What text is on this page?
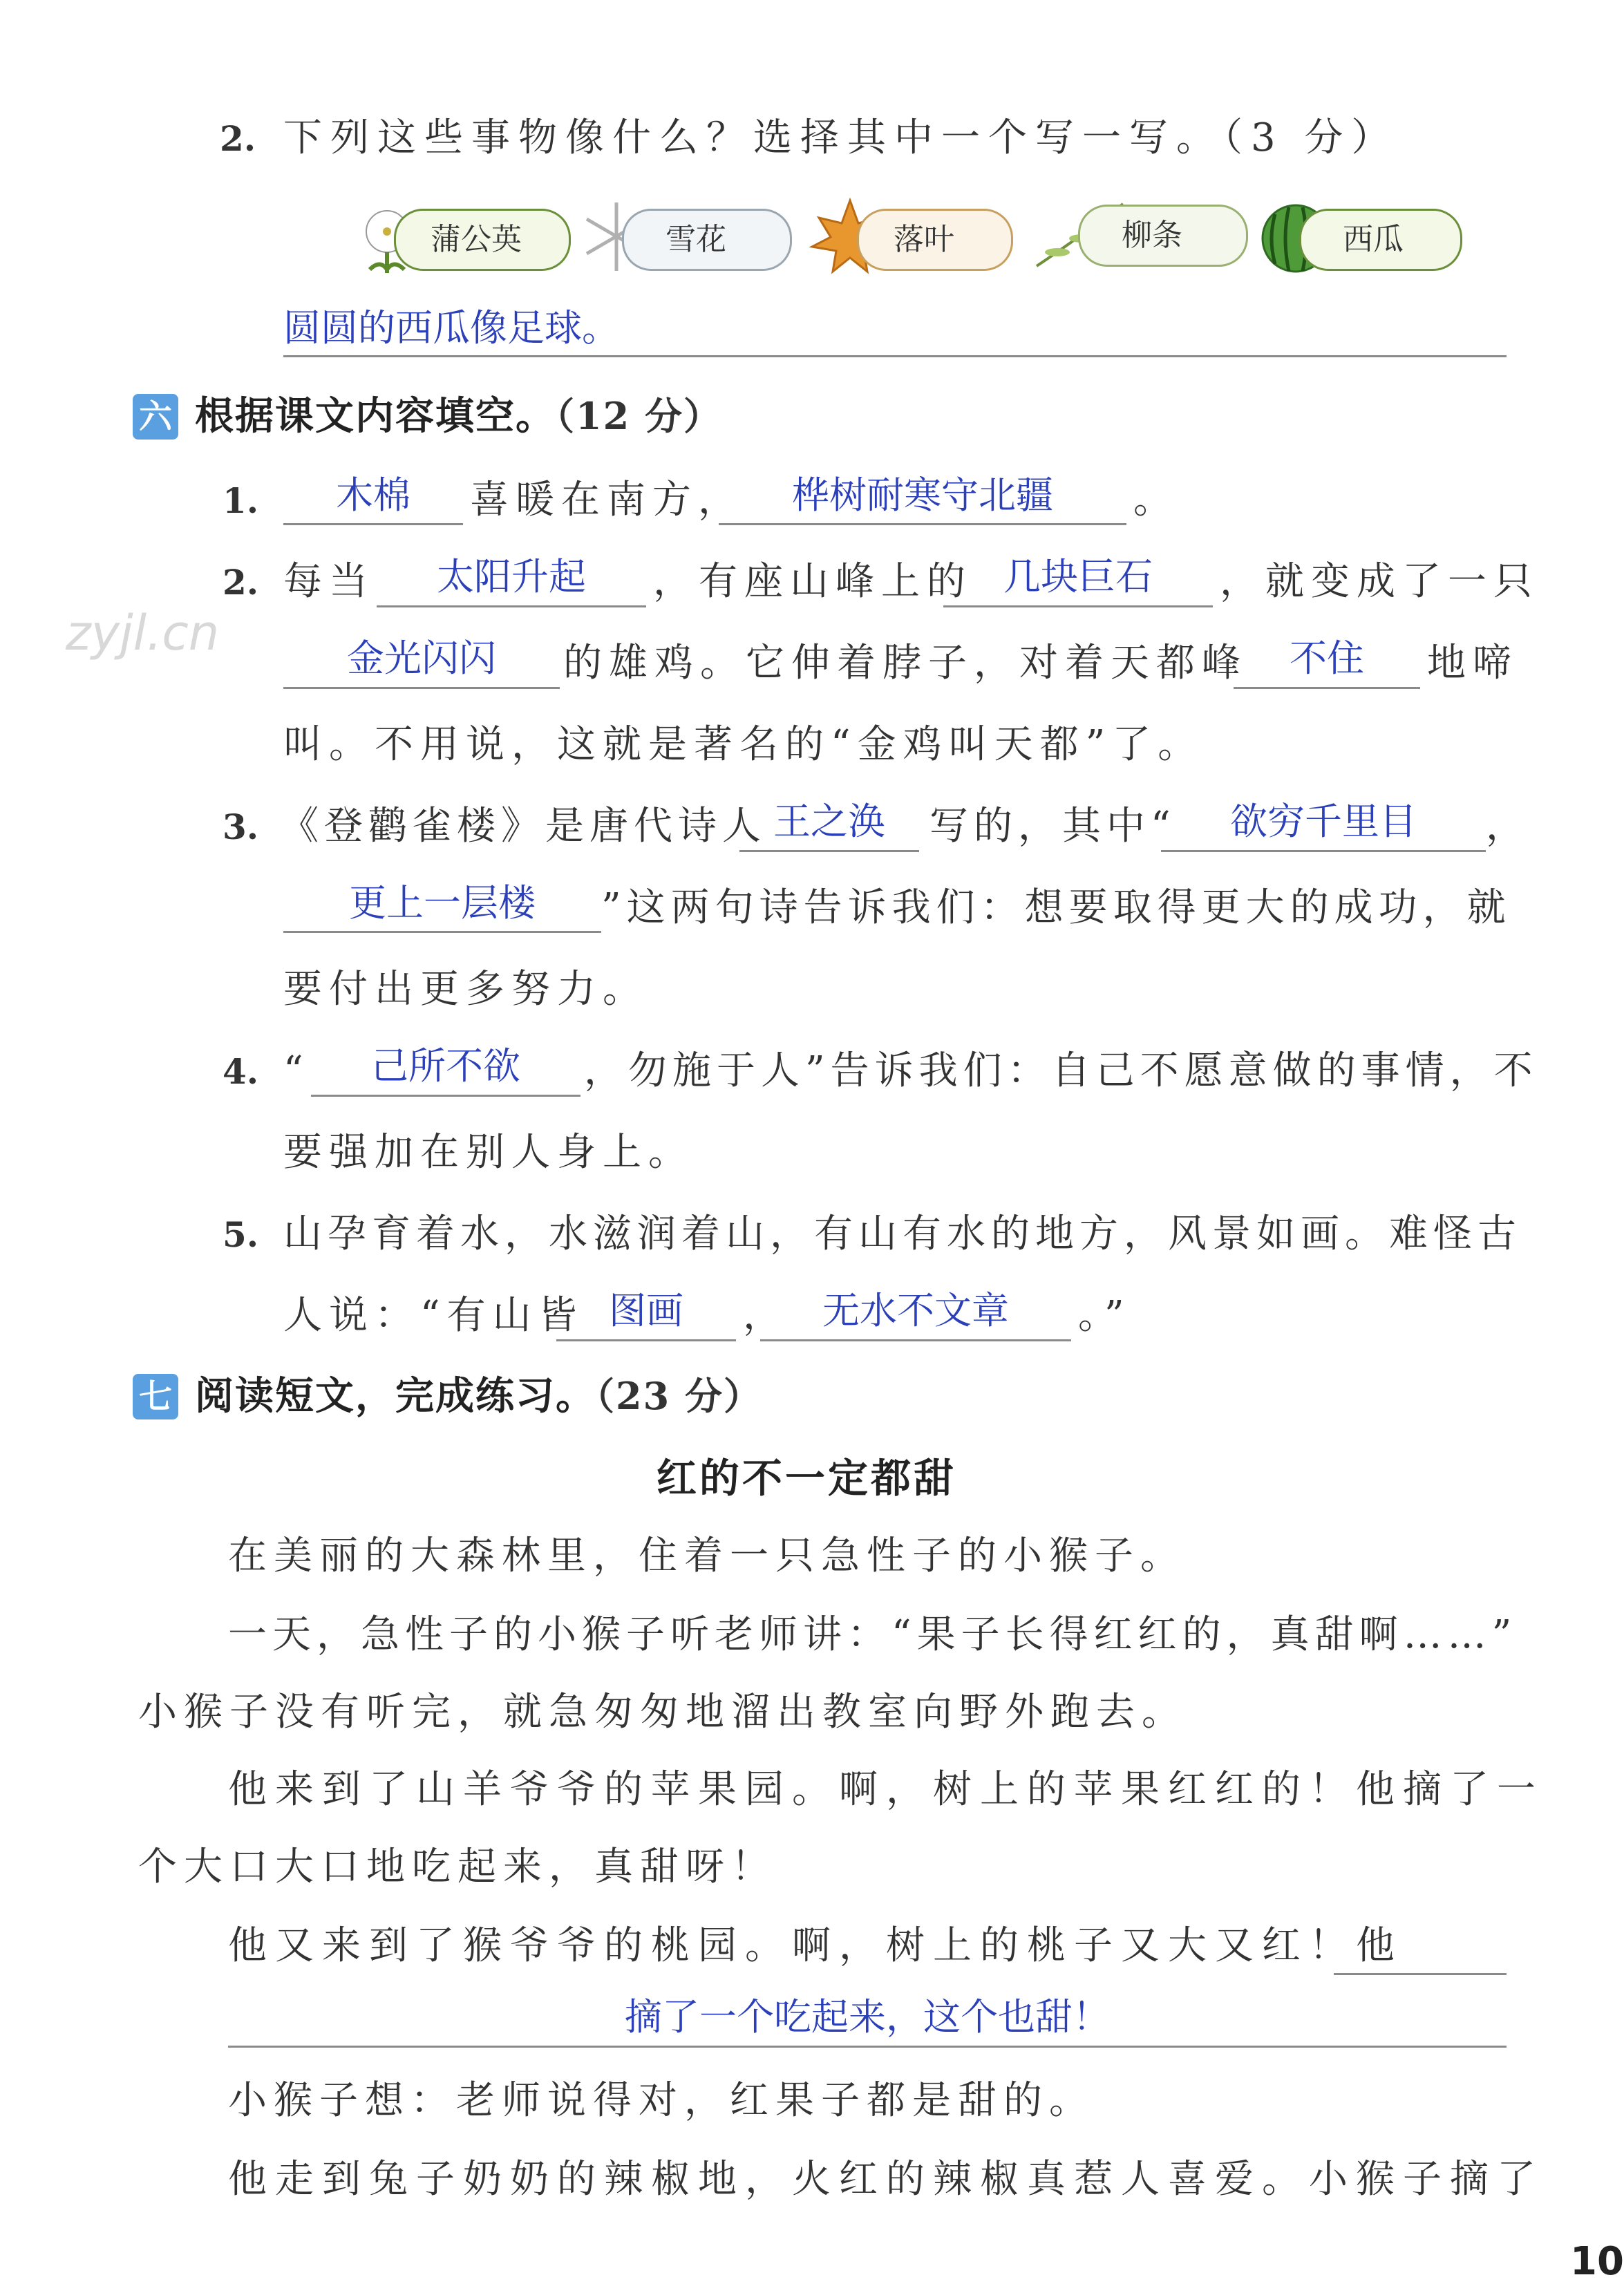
2. 下列这些事物像什么？选择其中一个写一写。（3 分）
蒲公英	雪花	落叶	柳条	西瓜
圆圆的西瓜像足球。
六 根据课文内容填空。（12 分）
1.	木棉	喜暖在南方，	桦树耐寒守北疆	。
2. 每当	太阳升起	，有座山峰上的 几块巨石	，就变成了一只
金光闪闪	的雄鸡。它伸着脖子，对着天都峰	不住	地啼
叫。不用说，这就是著名的“金鸡叫天都”了。
3. 《登鹳雀楼》是唐代诗人 王之涣	写的，其中“	欲穷千里目	，
更上一层楼	”这两句诗告诉我们：想要取得更大的成功，就
要付出更多努力。
4. “	己所不欲	，勿施于人”告诉我们：自己不愿意做的事情，不
要强加在别人身上。
5. 山孕育着水，水滋润着山，有山有水的地方，风景如画。难怪古
人说：“有山皆 图画	， 无水不文章	。”
七 阅读短文，完成练习。（23 分）
红的不一定都甜
在美丽的大森林里，住着一只急性子的小猴子。
一天，急性子的小猴子听老师讲：“果子长得红红的，真甜啊……”
小猴子没有听完，就急匆匆地溜出教室向野外跑去。
他来到了山羊爷爷的苹果园。啊，树上的苹果红红的！他摘了一
个大口大口地吃起来，真甜呀！
他又来到了猴爷爷的桃园。啊，树上的桃子又大又红！他
摘了一个吃起来，这个也甜！
小猴子想：老师说得对，红果子都是甜的。
他走到兔子奶奶的辣椒地，火红的辣椒真惹人喜爱。小猴子摘了
zyjl.cn
10
